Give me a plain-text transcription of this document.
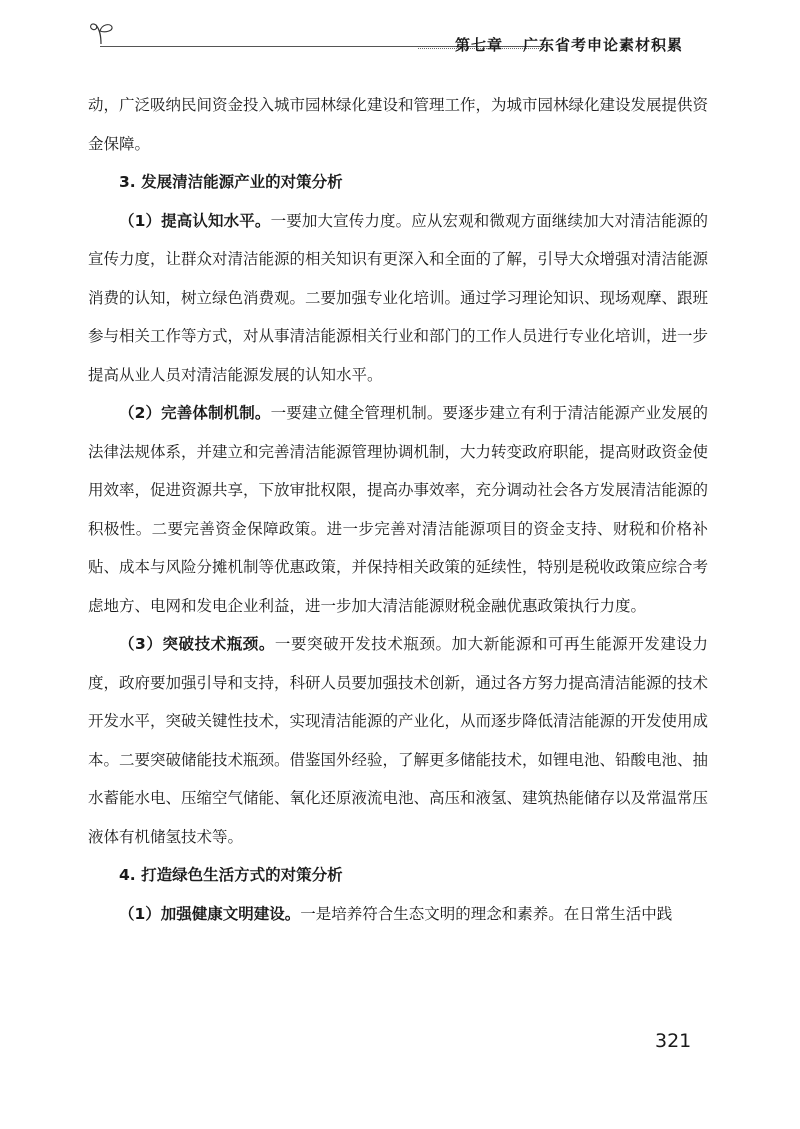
第七章 广东省考申论素材积累

动，广泛吸纳民间资金投入城市园林绿化建设和管理工作，为城市园林绿化建设发展提供资金保障。

3. 发展清洁能源产业的对策分析

（1）提高认知水平。一要加大宣传力度。应从宏观和微观方面继续加大对清洁能源的宣传力度，让群众对清洁能源的相关知识有更深入和全面的了解，引导大众增强对清洁能源消费的认知，树立绿色消费观。二要加强专业化培训。通过学习理论知识、现场观摩、跟班参与相关工作等方式，对从事清洁能源相关行业和部门的工作人员进行专业化培训，进一步提高从业人员对清洁能源发展的认知水平。

（2）完善体制机制。一要建立健全管理机制。要逐步建立有利于清洁能源产业发展的法律法规体系，并建立和完善清洁能源管理协调机制，大力转变政府职能，提高财政资金使用效率，促进资源共享，下放审批权限，提高办事效率，充分调动社会各方发展清洁能源的积极性。二要完善资金保障政策。进一步完善对清洁能源项目的资金支持、财税和价格补贴、成本与风险分摊机制等优惠政策，并保持相关政策的延续性，特别是税收政策应综合考虑地方、电网和发电企业利益，进一步加大清洁能源财税金融优惠政策执行力度。

（3）突破技术瓶颈。一要突破开发技术瓶颈。加大新能源和可再生能源开发建设力度，政府要加强引导和支持，科研人员要加强技术创新，通过各方努力提高清洁能源的技术开发水平，突破关键性技术，实现清洁能源的产业化，从而逐步降低清洁能源的开发使用成本。二要突破储能技术瓶颈。借鉴国外经验，了解更多储能技术，如锂电池、铅酸电池、抽水蓄能水电、压缩空气储能、氧化还原液流电池、高压和液氢、建筑热能储存以及常温常压液体有机储氢技术等。

4. 打造绿色生活方式的对策分析

（1）加强健康文明建设。一是培养符合生态文明的理念和素养。在日常生活中践

321
